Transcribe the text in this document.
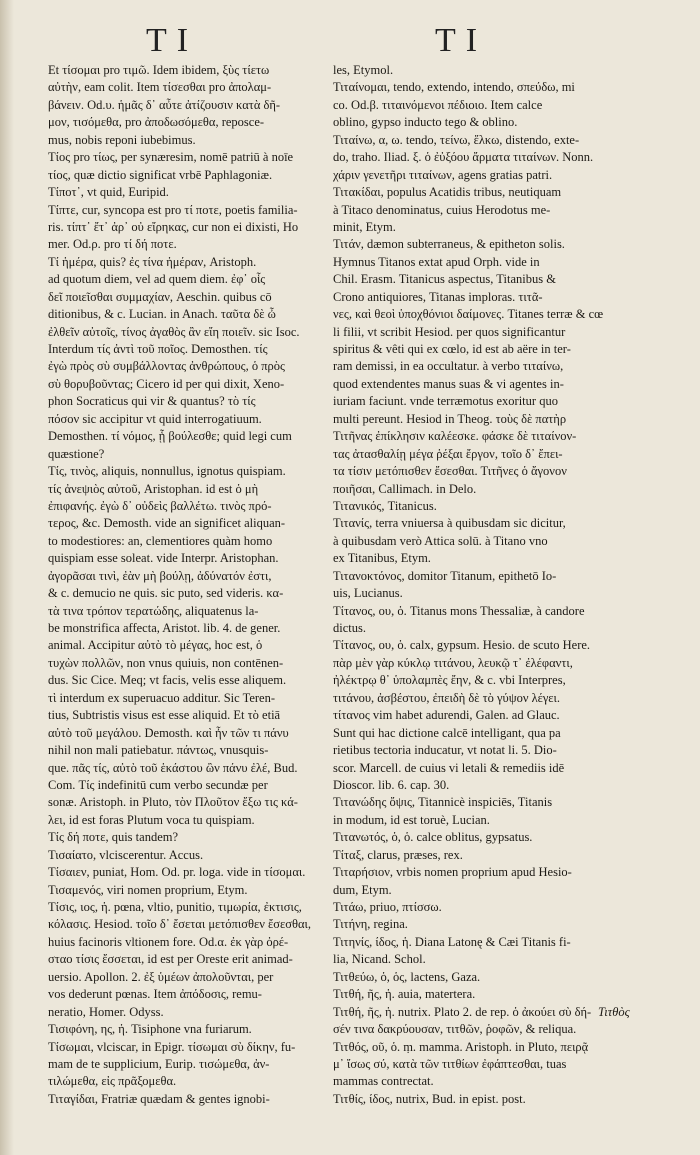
TI	TI
Et τίσομαι pro τιμῶ. Idem ibidem, ξὺς τίετω
αὐτὴν, eam colit. Item τίσεσθαι pro ἀπολαμ-
βάνειν. Od.υ. ἡμᾶς δ᾽ αὖτε ἀτίζουσιν κατὰ δῆ-
μον, τισόμεθα, pro ἀποδωσόμεθα, reposce-
mus, nobis reponi iubebimus.
Τίος pro τίως, per synæresim, nomē patriū à noīe
τίος, quæ dictio significat vrbē Paphlagoniæ.
Τίποτ᾽, vt quid, Euripid.
Τίπτε, cur, syncopa est pro τί ποτε, poetis familia-
ris. τίπτ᾽ ἔτ᾽ ἀρ᾽ οὐ εἴρηκας, cur non ei dixisti, Ho
mer. Od.ρ. pro τί δή ποτε.
Τί ἡμέρα, quis? ἐς τίνα ἡμέραν, Aristoph.
ad quotum diem, vel ad quem diem. ἐφ᾽ οἷς
δεῖ ποιεῖσθαι συμμαχίαν, Aeschin. quibus cō
ditionibus, & c. Lucian. in Anach. ταῦτα δὲ ὦ
ἐλθεῖν αὐτοῖς, τίνος ἀγαθὸς ἂν εἴη ποιεῖν. sic Isoc.
Interdum τίς ἀντὶ τοῦ ποῖος. Demosthen. τίς
ἐγὼ πρὸς σὺ συμβάλλοντας ἀνθρώπους, ὁ πρὸς
σὺ θορυβοῦντας; Cicero id per qui dixit, Xeno-
phon Socraticus qui vir & quantus? τὸ τίς
πόσον sic accipitur vt quid interrogatiuum.
Demosthen. τί νόμος, ᾗ βούλεσθε; quid legi cum
quæstione?
Τίς, τινὸς, aliquis, nonnullus, ignotus quispiam.
τίς ἀνεψιὸς αὐτοῦ, Aristophan. id est ὁ μὴ
ἐπιφανής. ἐγὼ δ᾽ οὐδεὶς βαλλέτω. τινὸς πρό-
τερος, &c. Demosth. vide an significet aliquan-
to modestiores: an, clementiores quàm homo
quispiam esse soleat. vide Interpr. Aristophan.
ἀγορᾶσαι τινὶ, ἐὰν μὴ βούλῃ, ἀδύνατόν ἐστι,
& c. demucio ne quis. sic puto, sed videris. κα-
τὰ τινα τρόπον τερατώδης, aliquatenus la-
be monstrifica affecta, Aristot. lib. 4. de gener.
animal. Accipitur αὐτὸ τὸ μέγας, hoc est, ὁ
τυχὼν πολλῶν, non vnus quiuis, non contēnen-
dus. Sic Cice. Meq; vt facis, velis esse aliquem.
τὶ interdum ex superuacuo additur. Sic Teren-
tius, Subtristis visus est esse aliquid. Et τὸ etiā
αὐτὸ τοῦ μεγάλου. Demosth. καὶ ἦν τῶν τι πάνυ
nihil non mali patiebatur. πάντως, vnusquis-
que. πᾶς τίς, αὐτὸ τοῦ ἑκάστου ὢν πάνυ ἐλέ, Bud.
Com. Τίς indefinitū cum verbo secundæ per
sonæ. Aristoph. in Pluto, τὸν Πλοῦτον ἔξω τις κά-
λει, id est foras Plutum voca tu quispiam.
Τίς δή ποτε, quis tandem?
Τισαίατο, vlciscerentur. Accus.
Τίσαιεν, puniat, Hom. Od. pr. loga. vide in τίσομαι.
Τισαμενός, viri nomen proprium, Etym.
Τίσις, ιος, ἡ. pœna, vltio, punitio, τιμωρία, ἐκτισις,
κόλασις. Hesiod. τοῖο δ᾽ ἔσεται μετόπισθεν ἔσεσθαι,
huius facinoris vltionem fore. Od.α. ἐκ γὰρ ὀρέ-
σταο τίσις ἔσσεται, id est per Oreste erit animad-
uersio. Apollon. 2. ἐξ ὑμέων ἀπολοῦνται, per
vos dederunt pœnas. Item ἀπόδοσις, remu-
neratio, Homer. Odyss.
Τισιφόνη, ης, ἡ. Tisiphone vna furiarum.
Τίσωμαι, vlciscar, in Epigr. τίσωμαι σὺ δίκην, fu-
mam de te supplicium, Eurip. τισώμεθα, ἀν-
τιλώμεθα, εἰς πρᾶξομεθα.
Τιταγίδαι, Fratriæ quædam & gentes ignobi-
les, Etymol.
Τιταίνομαι, tendo, extendo, intendo, σπεύδω, mi
co. Od.β. τιταινόμενοι πέδιοιο. Item calce
oblino, gypso inducto tego & oblino.
Τιταίνω, α, ω. tendo, τείνω, ἕλκω, distendo, exte-
do, traho. Iliad. ξ. ὁ ἐὐξόου ἄρματα τιταίνων. Nonn.
χάριν γενετῆρι τιταίνων, agens gratias patri.
Τιτακίδαι, populus Acatidis tribus, neutiquam
à Titaco denominatus, cuius Herodotus me-
minit, Etym.
Τιτάν, dæmon subterraneus, & epitheton solis.
Hymnus Titanos extat apud Orph. vide in
Chil. Erasm. Titanicus aspectus, Titanibus &
Crono antiquiores, Titanas imploras. τιτᾶ-
νες, καὶ θεοὶ ὑποχθόνιοι δαίμονες. Titanes terræ & cœ
li filii, vt scribit Hesiod. per quos significantur
spiritus & vêti qui ex cœlo, id est ab aëre in ter-
ram demissi, in ea occultatur. à verbo τιταίνω,
quod extendentes manus suas & vi agentes in-
iuriam faciunt. vnde terræmotus exoritur quo
multi pereunt. Hesiod in Theog. τοὺς δὲ πατὴρ
Τιτῆνας ἐπίκλησιν καλέεσκε. φάσκε δὲ τιταίνον-
τας ἀτασθαλίῃ μέγα ῥέξαι ἔργον, τοῖο δ᾽ ἔπει-
τα τίσιν μετόπισθεν ἔσεσθαι. Τιτῆνες ὁ ἄγονον
ποιῆσαι, Callimach. in Delo.
Τιτανικός, Titanicus.
Τιτανίς, terra vniuersa à quibusdam sic dicitur,
à quibusdam verò Attica solū. à Titano vno
ex Titanibus, Etym.
Τιτανοκτόνος, domitor Titanum, epithetō Io-
uis, Lucianus.
Τίτανος, ου, ὁ. Titanus mons Thessaliæ, à candore
dictus.
Τίτανος, ου, ὁ. calx, gypsum. Hesio. de scuto Here.
πὰρ μὲν γὰρ κύκλῳ τιτάνου, λευκῷ τ᾽ ἐλέφαντι,
ἠλέκτρῳ θ᾽ ὑπολαμπὲς ἔην, & c. vbi Interpres,
τιτάνου, ἀσβέστου, ἐπειδὴ δὲ τὸ γύψον λέγει.
τίτανος vim habet adurendi, Galen. ad Glauc.
Sunt qui hac dictione calcē intelligant, qua pa
rietibus tectoria inducatur, vt notat li. 5. Dio-
scor. Marcell. de cuius vi letali & remediis idē
Dioscor. lib. 6. cap. 30.
Τιτανώδης ὄψις, Titannicè inspiciēs, Titanis
in modum, id est toruè, Lucian.
Τιτανωτός, ὁ, ὁ. calce oblitus, gypsatus.
Τίταξ, clarus, præses, rex.
Τιταρήσιον, vrbis nomen proprium apud Hesio-
dum, Etym.
Τιτάω, priuo, πτίσσω.
Τιτήνη, regina.
Τιτηνίς, ίδος, ἡ. Diana Latonę & Cæi Titanis fi-
lia, Nicand. Schol.
Τιτθεύω, ὁ, ὁς, lactens, Gaza.
Τιτθή, ῆς, ἡ. auia, matertera.
Τιτθή, ῆς, ἡ. nutrix. Plato 2. de rep. ὁ ἀκούει σὺ δή-
σέν τινα δακρύουσαν, τιτθῶν, ῥοφῶν, & reliqua.
Τιτθός, οῦ, ὁ. ṃ. mamma. Aristoph. in Pluto, πειρᾷ
μ᾽ ἴσως σύ, κατὰ τῶν τιτθίων ἐφάπτεσθαι, tuas
mammas contrectat.
Τιτθίς, ίδος, nutrix, Bud. in epist. post.
Τιτθὸς
